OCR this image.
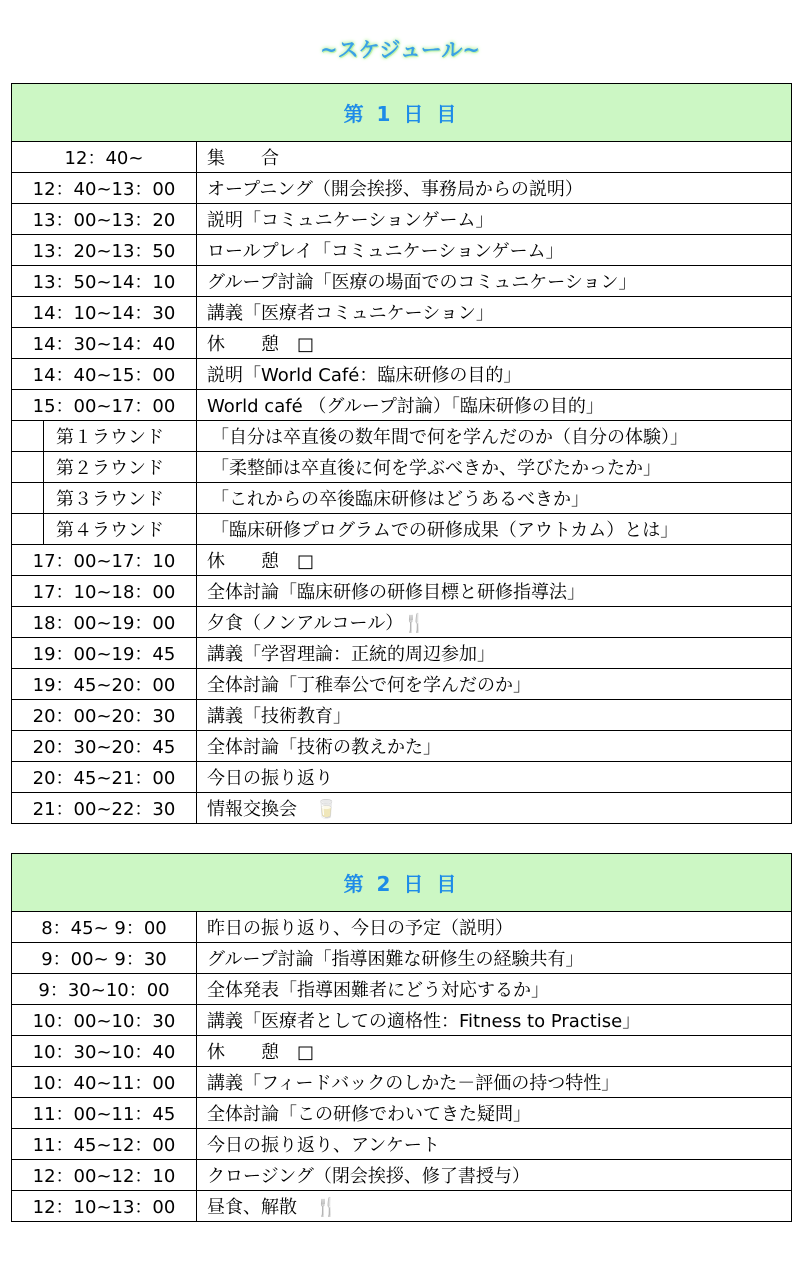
~スケジュール~
第 1 日 目		
12：40~		集　　合
12：40~13：00		オープニング（開会挨拶、事務局からの説明）
13：00~13：20		説明「コミュニケーションゲーム」
13：20~13：50		ロールプレイ「コミュニケーションゲーム」
13：50~14：10		グループ討論「医療の場面でのコミュニケーション」
14：10~14：30		講義「医療者コミュニケーション」
14：30~14：40		休　　憩　□
14：40~15：00		説明「World Café：臨床研修の目的」
15：00~17：00		World café （グループ討論）「臨床研修の目的」
	第１ラウンド	「自分は卒直後の数年間で何を学んだのか（自分の体験）」
	第２ラウンド	「柔整師は卒直後に何を学ぶべきか、学びたかったか」
	第３ラウンド	「これからの卒後臨床研修はどうあるべきか」
	第４ラウンド	「臨床研修プログラムでの研修成果（アウトカム）とは」
17：00~17：10		休　　憩　□
17：10~18：00		全体討論「臨床研修の研修目標と研修指導法」
18：00~19：00		夕食（ノンアルコール）🍴
19：00~19：45		講義「学習理論：正統的周辺参加」
19：45~20：00		全体討論「丁稚奉公で何を学んだのか」
20：00~20：30		講義「技術教育」
20：30~20：45		全体討論「技術の教えかた」
20：45~21：00		今日の振り返り
21：00~22：30		情報交換会　🥛
第 2 日 目	
8：45~ 9：00	昨日の振り返り、今日の予定（説明）
9：00~ 9：30	グループ討論「指導困難な研修生の経験共有」
9：30~10：00	全体発表「指導困難者にどう対応するか」
10：00~10：30	講義「医療者としての適格性：Fitness to Practise」
10：30~10：40	休　　憩　□
10：40~11：00	講義「フィードバックのしかた－評価の持つ特性」
11：00~11：45	全体討論「この研修でわいてきた疑問」
11：45~12：00	今日の振り返り、アンケート
12：00~12：10	クロージング（閉会挨拶、修了書授与）
12：10~13：00	昼食、解散　🍴
